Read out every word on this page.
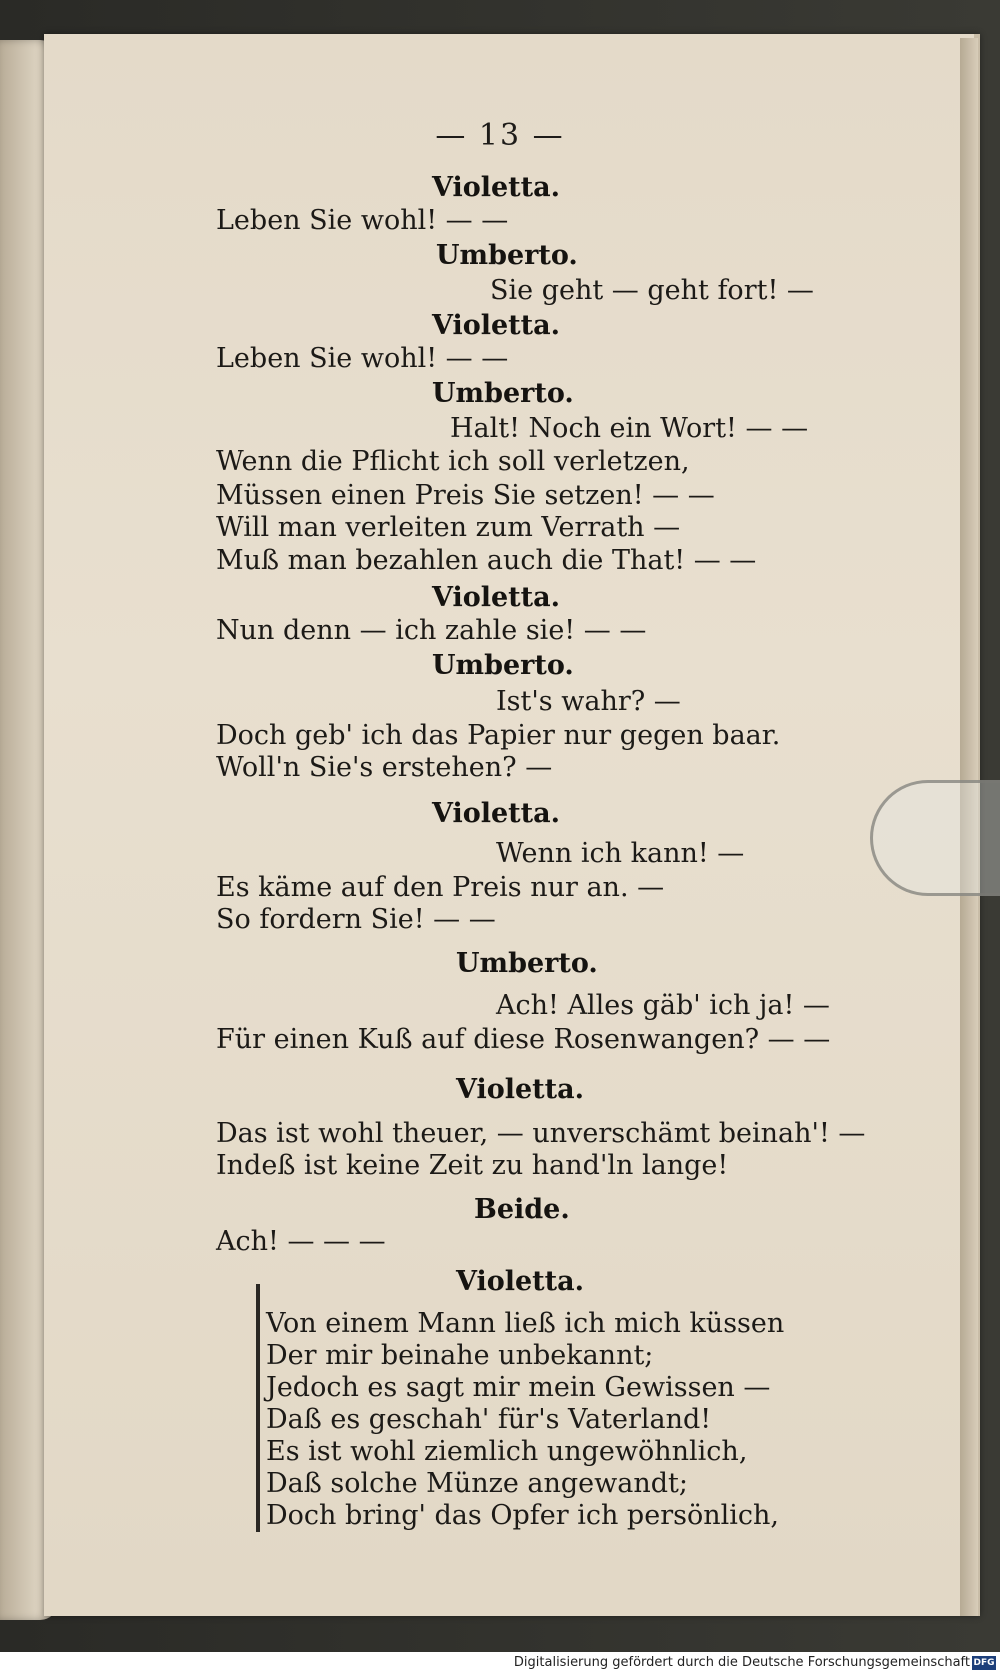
— 13 —
Violetta.
Leben Sie wohl! — —
Umberto.
Sie geht — geht fort! —
Violetta.
Leben Sie wohl! — —
Umberto.
Halt! Noch ein Wort! — —
Wenn die Pflicht ich soll verletzen,
Müssen einen Preis Sie setzen! — —
Will man verleiten zum Verrath —
Muß man bezahlen auch die That! — —
Violetta.
Nun denn — ich zahle sie! — —
Umberto.
Ist's wahr? —
Doch geb' ich das Papier nur gegen baar.
Woll'n Sie's erstehen? —
Violetta.
Wenn ich kann! —
Es käme auf den Preis nur an. —
So fordern Sie! — —
Umberto.
Ach! Alles gäb' ich ja! —
Für einen Kuß auf diese Rosenwangen? — —
Violetta.
Das ist wohl theuer, — unverschämt beinah'! —
Indeß ist keine Zeit zu hand'ln lange!
Beide.
Ach! — — —
Violetta.
Von einem Mann ließ ich mich küssen
Der mir beinahe unbekannt;
Jedoch es sagt mir mein Gewissen —
Daß es geschah' für's Vaterland!
Es ist wohl ziemlich ungewöhnlich,
Daß solche Münze angewandt;
Doch bring' das Opfer ich persönlich,
Digitalisierung gefördert durch die Deutsche Forschungsgemeinschaft DFG
